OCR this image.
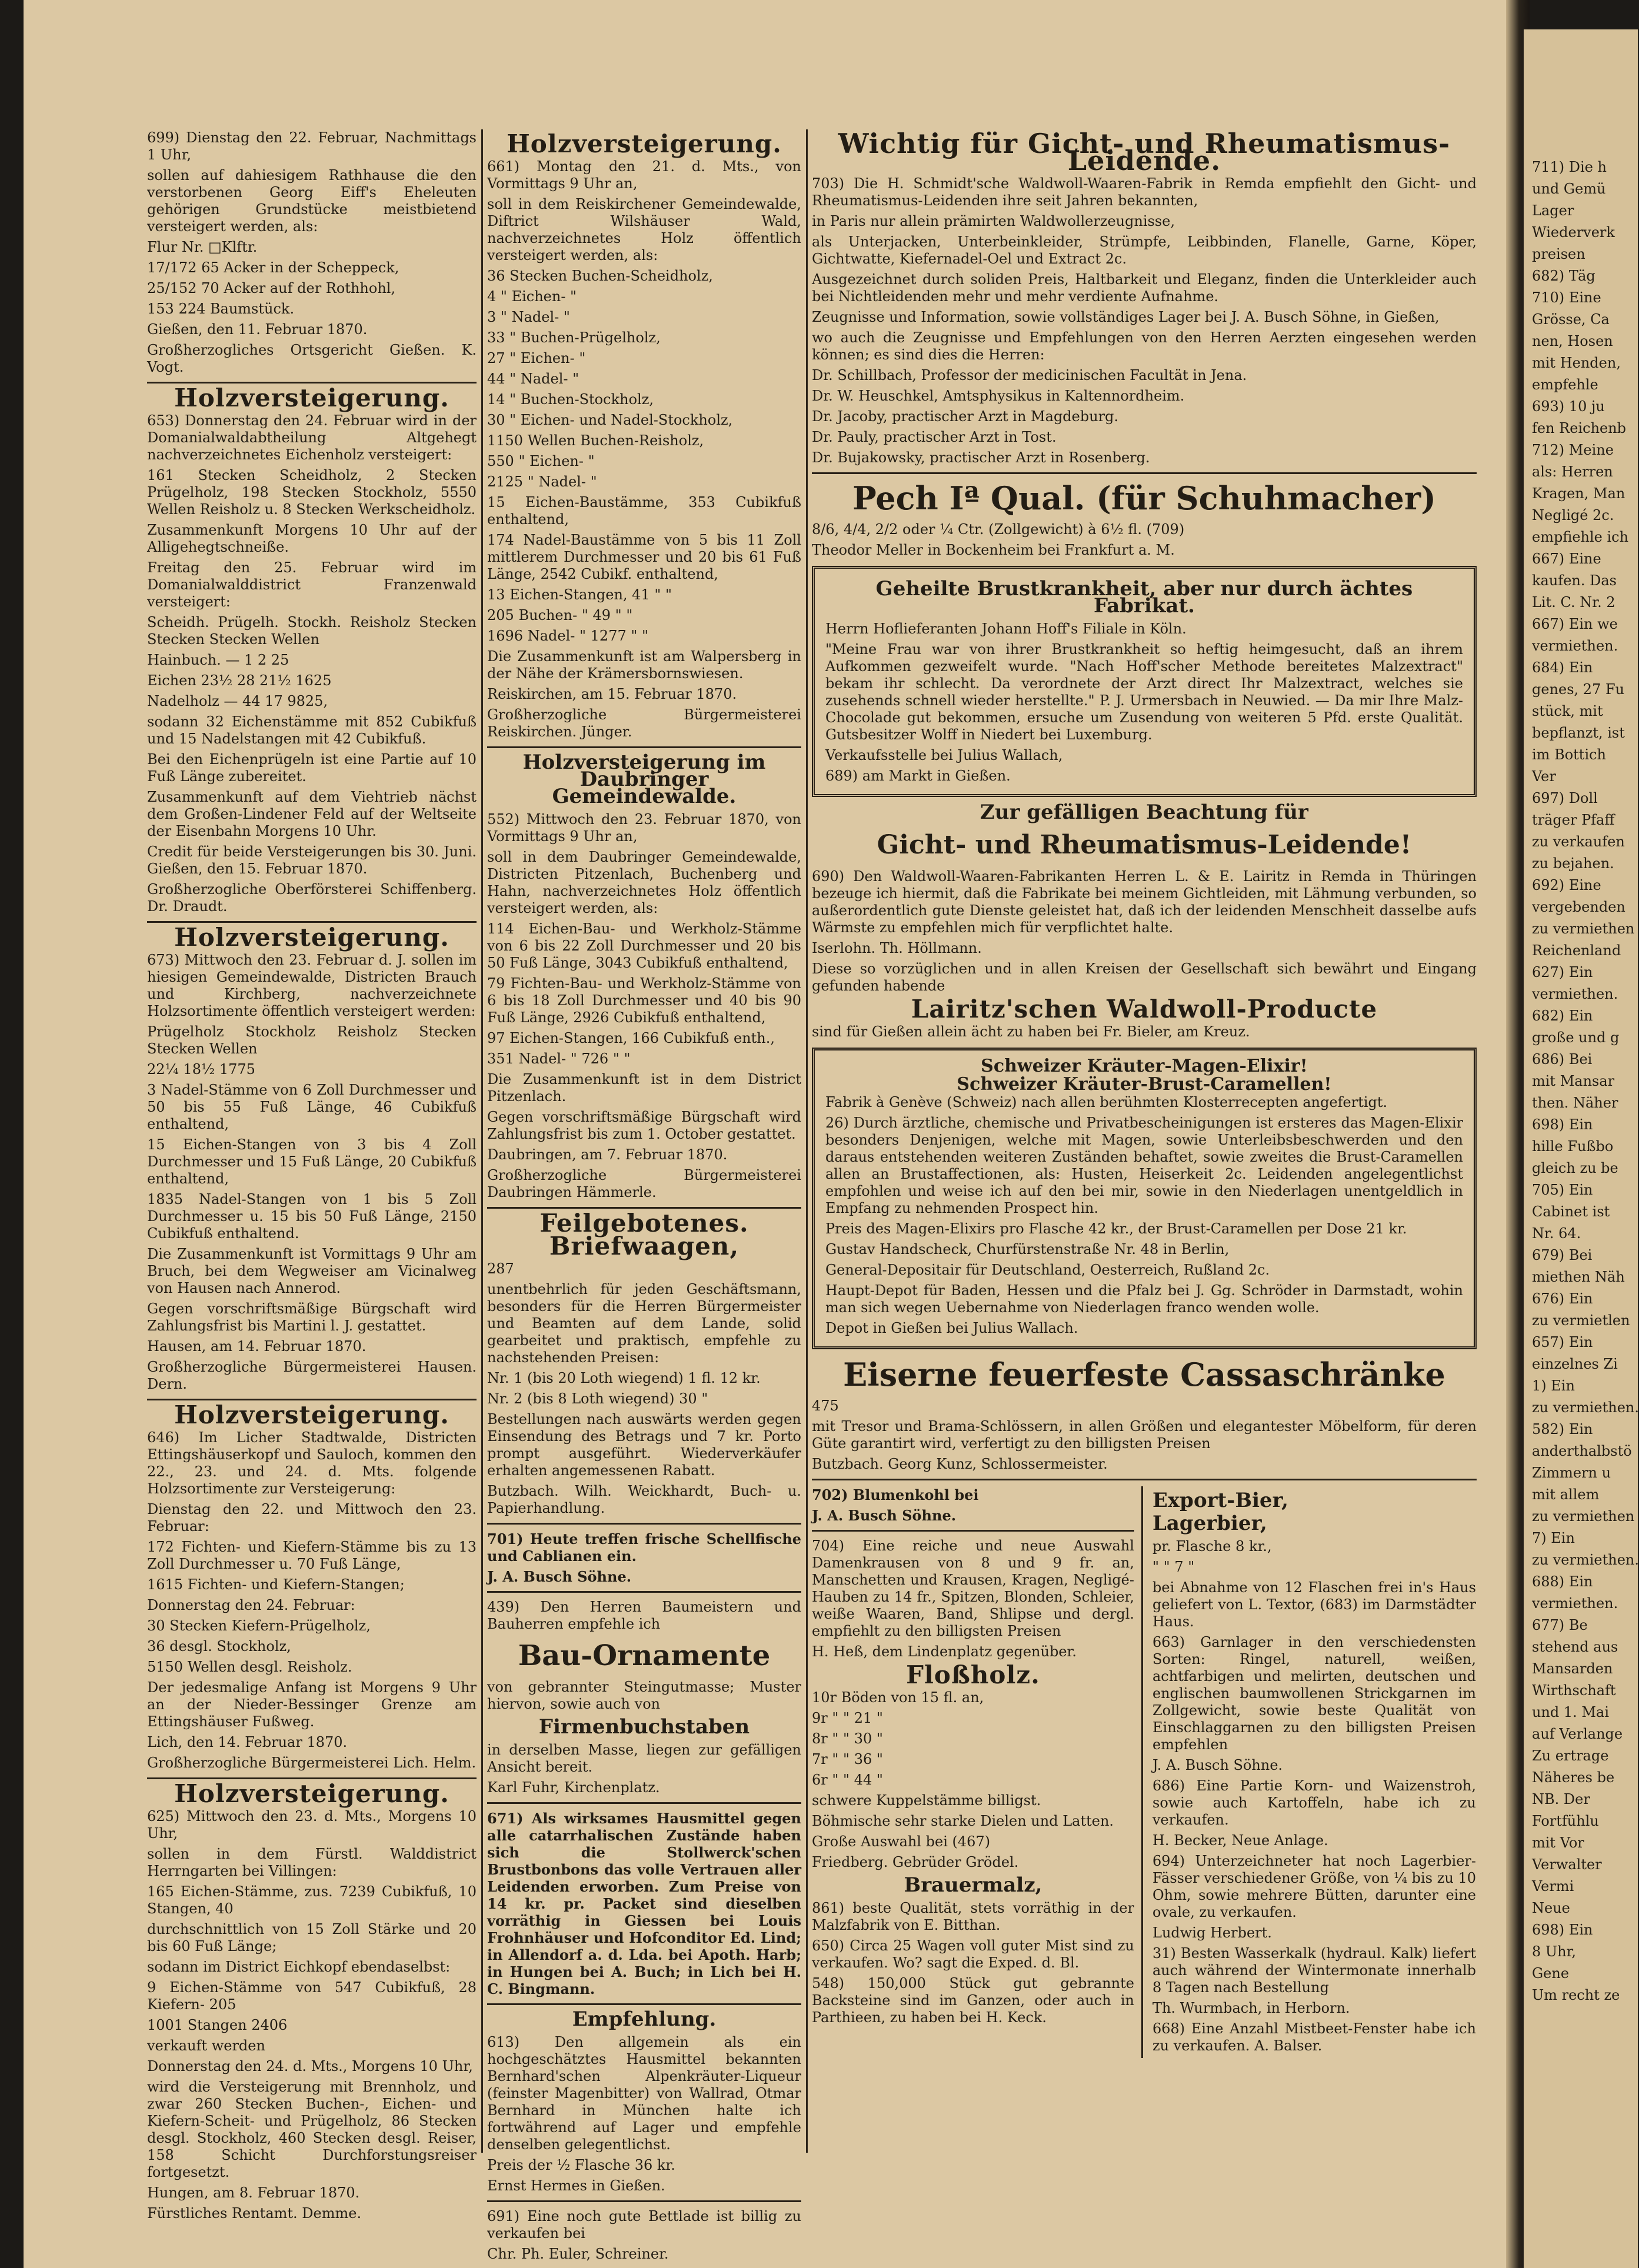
699) Dienstag den 22. Februar, Nachmittags 1 Uhr,

sollen auf dahiesigem Rathhause die den verstorbenen Georg Eiff's Eheleuten gehörigen Grundstücke meistbietend versteigert werden, als:

Flur Nr. □Klftr.

17/172 65 Acker in der Scheppeck,

25/152 70 Acker auf der Rothhohl,

153 224 Baumstück.

Gießen, den 11. Februar 1870.

Großherzogliches Ortsgericht Gießen. K. Vogt.

Holzversteigerung.

653) Donnerstag den 24. Februar wird in der Domanialwaldabtheilung Altgehegt nachverzeichnetes Eichenholz versteigert:

161 Stecken Scheidholz, 2 Stecken Prügelholz, 198 Stecken Stockholz, 5550 Wellen Reisholz u. 8 Stecken Werkscheidholz.

Zusammenkunft Morgens 10 Uhr auf der Alligehegtschneiße.

Freitag den 25. Februar wird im Domanialwalddistrict Franzenwald versteigert:

Scheidh. Prügelh. Stockh. Reisholz Stecken Stecken Stecken Wellen

Hainbuch. — 1 2 25

Eichen 23½ 28 21½ 1625

Nadelholz — 44 17 9825,

sodann 32 Eichenstämme mit 852 Cubikfuß und 15 Nadelstangen mit 42 Cubikfuß.

Bei den Eichenprügeln ist eine Partie auf 10 Fuß Länge zubereitet.

Zusammenkunft auf dem Viehtrieb nächst dem Großen-Lindener Feld auf der Weltseite der Eisenbahn Morgens 10 Uhr.

Credit für beide Versteigerungen bis 30. Juni. Gießen, den 15. Februar 1870.

Großherzogliche Oberförsterei Schiffenberg. Dr. Draudt.

Holzversteigerung.

673) Mittwoch den 23. Februar d. J. sollen im hiesigen Gemeindewalde, Districten Brauch und Kirchberg, nachverzeichnete Holzsortimente öffentlich versteigert werden:

Prügelholz Stockholz Reisholz Stecken Stecken Wellen

22¼ 18½ 1775

3 Nadel-Stämme von 6 Zoll Durchmesser und 50 bis 55 Fuß Länge, 46 Cubikfuß enthaltend,

15 Eichen-Stangen von 3 bis 4 Zoll Durchmesser und 15 Fuß Länge, 20 Cubikfuß enthaltend,

1835 Nadel-Stangen von 1 bis 5 Zoll Durchmesser u. 15 bis 50 Fuß Länge, 2150 Cubikfuß enthaltend.

Die Zusammenkunft ist Vormittags 9 Uhr am Bruch, bei dem Wegweiser am Vicinalweg von Hausen nach Annerod.

Gegen vorschriftsmäßige Bürgschaft wird Zahlungsfrist bis Martini l. J. gestattet.

Hausen, am 14. Februar 1870.

Großherzogliche Bürgermeisterei Hausen. Dern.

Holzversteigerung.

646) Im Licher Stadtwalde, Districten Ettingshäuserkopf und Sauloch, kommen den 22., 23. und 24. d. Mts. folgende Holzsortimente zur Versteigerung:

Dienstag den 22. und Mittwoch den 23. Februar:

172 Fichten- und Kiefern-Stämme bis zu 13 Zoll Durchmesser u. 70 Fuß Länge,

1615 Fichten- und Kiefern-Stangen;

Donnerstag den 24. Februar:

30 Stecken Kiefern-Prügelholz,

36 desgl. Stockholz,

5150 Wellen desgl. Reisholz.

Der jedesmalige Anfang ist Morgens 9 Uhr an der Nieder-Bessinger Grenze am Ettingshäuser Fußweg.

Lich, den 14. Februar 1870.

Großherzogliche Bürgermeisterei Lich. Helm.

Holzversteigerung.

625) Mittwoch den 23. d. Mts., Morgens 10 Uhr,

sollen in dem Fürstl. Walddistrict Herrngarten bei Villingen:

165 Eichen-Stämme, zus. 7239 Cubikfuß, 10 Stangen, 40

durchschnittlich von 15 Zoll Stärke und 20 bis 60 Fuß Länge;

sodann im District Eichkopf ebendaselbst:

9 Eichen-Stämme von 547 Cubikfuß, 28 Kiefern- 205

1001 Stangen 2406

verkauft werden

Donnerstag den 24. d. Mts., Morgens 10 Uhr,

wird die Versteigerung mit Brennholz, und zwar 260 Stecken Buchen-, Eichen- und Kiefern-Scheit- und Prügelholz, 86 Stecken desgl. Stockholz, 460 Stecken desgl. Reiser, 158 Schicht Durchforstungsreiser fortgesetzt.

Hungen, am 8. Februar 1870.

Fürstliches Rentamt. Demme.

Holzversteigerung.

661) Montag den 21. d. Mts., von Vormittags 9 Uhr an,

soll in dem Reiskirchener Gemeindewalde, Diftrict Wilshäuser Wald, nachverzeichnetes Holz öffentlich versteigert werden, als:

36 Stecken Buchen-Scheidholz,

4 " Eichen- "

3 " Nadel- "

33 " Buchen-Prügelholz,

27 " Eichen- "

44 " Nadel- "

14 " Buchen-Stockholz,

30 " Eichen- und Nadel-Stockholz,

1150 Wellen Buchen-Reisholz,

550 " Eichen- "

2125 " Nadel- "

15 Eichen-Baustämme, 353 Cubikfuß enthaltend,

174 Nadel-Baustämme von 5 bis 11 Zoll mittlerem Durchmesser und 20 bis 61 Fuß Länge, 2542 Cubikf. enthaltend,

13 Eichen-Stangen, 41 " "

205 Buchen- " 49 " "

1696 Nadel- " 1277 " "

Die Zusammenkunft ist am Walpersberg in der Nähe der Krämersbornswiesen.

Reiskirchen, am 15. Februar 1870.

Großherzogliche Bürgermeisterei Reiskirchen. Jünger.

Holzversteigerung im Daubringer Gemeindewalde.

552) Mittwoch den 23. Februar 1870, von Vormittags 9 Uhr an,

soll in dem Daubringer Gemeindewalde, Districten Pitzenlach, Buchenberg und Hahn, nachverzeichnetes Holz öffentlich versteigert werden, als:

114 Eichen-Bau- und Werkholz-Stämme von 6 bis 22 Zoll Durchmesser und 20 bis 50 Fuß Länge, 3043 Cubikfuß enthaltend,

79 Fichten-Bau- und Werkholz-Stämme von 6 bis 18 Zoll Durchmesser und 40 bis 90 Fuß Länge, 2926 Cubikfuß enthaltend,

97 Eichen-Stangen, 166 Cubikfuß enth.,

351 Nadel- " 726 " "

Die Zusammenkunft ist in dem District Pitzenlach.

Gegen vorschriftsmäßige Bürgschaft wird Zahlungsfrist bis zum 1. October gestattet.

Daubringen, am 7. Februar 1870.

Großherzogliche Bürgermeisterei Daubringen Hämmerle.

Feilgebotenes.
Briefwaagen,

287

unentbehrlich für jeden Geschäftsmann, besonders für die Herren Bürgermeister und Beamten auf dem Lande, solid gearbeitet und praktisch, empfehle zu nachstehenden Preisen:

Nr. 1 (bis 20 Loth wiegend) 1 fl. 12 kr.

Nr. 2 (bis 8 Loth wiegend) 30 "

Bestellungen nach auswärts werden gegen Einsendung des Betrags und 7 kr. Porto prompt ausgeführt. Wiederverkäufer erhalten angemessenen Rabatt.

Butzbach. Wilh. Weickhardt, Buch- u. Papierhandlung.

701) Heute treffen frische Schellfische und Cablianen ein.

J. A. Busch Söhne.

439) Den Herren Baumeistern und Bauherren empfehle ich

Bau-Ornamente

von gebrannter Steingutmasse; Muster hiervon, sowie auch von

Firmenbuchstaben

in derselben Masse, liegen zur gefälligen Ansicht bereit.

Karl Fuhr, Kirchenplatz.

671) Als wirksames Hausmittel gegen alle catarrhalischen Zustände haben sich die Stollwerck'schen Brustbonbons das volle Vertrauen aller Leidenden erworben. Zum Preise von 14 kr. pr. Packet sind dieselben vorräthig in Giessen bei Louis Frohnhäuser und Hofconditor Ed. Lind; in Allendorf a. d. Lda. bei Apoth. Harb; in Hungen bei A. Buch; in Lich bei H. C. Bingmann.

Empfehlung.

613) Den allgemein als ein hochgeschätztes Hausmittel bekannten Bernhard'schen Alpenkräuter-Liqueur (feinster Magenbitter) von Wallrad, Otmar Bernhard in München halte ich fortwährend auf Lager und empfehle denselben gelegentlichst.

Preis der ½ Flasche 36 kr.

Ernst Hermes in Gießen.

691) Eine noch gute Bettlade ist billig zu verkaufen bei

Chr. Ph. Euler, Schreiner.

Wichtig für Gicht- und Rheumatismus-Leidende.

703) Die H. Schmidt'sche Waldwoll-Waaren-Fabrik in Remda empfiehlt den Gicht- und Rheumatismus-Leidenden ihre seit Jahren bekannten,

in Paris nur allein prämirten Waldwollerzeugnisse,

als Unterjacken, Unterbeinkleider, Strümpfe, Leibbinden, Flanelle, Garne, Köper, Gichtwatte, Kiefernadel-Oel und Extract 2c.

Ausgezeichnet durch soliden Preis, Haltbarkeit und Eleganz, finden die Unterkleider auch bei Nichtleidenden mehr und mehr verdiente Aufnahme.

Zeugnisse und Information, sowie vollständiges Lager bei J. A. Busch Söhne, in Gießen,

wo auch die Zeugnisse und Empfehlungen von den Herren Aerzten eingesehen werden können; es sind dies die Herren:

Dr. Schillbach, Professor der medicinischen Facultät in Jena.

Dr. W. Heuschkel, Amtsphysikus in Kaltennordheim.

Dr. Jacoby, practischer Arzt in Magdeburg.

Dr. Pauly, practischer Arzt in Tost.

Dr. Bujakowsky, practischer Arzt in Rosenberg.

Pech Iª Qual. (für Schuhmacher)

8/6, 4/4, 2/2 oder ¼ Ctr. (Zollgewicht) à 6½ fl. (709)

Theodor Meller in Bockenheim bei Frankfurt a. M.

Geheilte Brustkrankheit, aber nur durch ächtes Fabrikat.

Herrn Hoflieferanten Johann Hoff's Filiale in Köln.

"Meine Frau war von ihrer Brustkrankheit so heftig heimgesucht, daß an ihrem Aufkommen gezweifelt wurde. "Nach Hoff'scher Methode bereitetes Malzextract" bekam ihr schlecht. Da verordnete der Arzt direct Ihr Malzextract, welches sie zusehends schnell wieder herstellte." P. J. Urmersbach in Neuwied. — Da mir Ihre Malz-Chocolade gut bekommen, ersuche um Zusendung von weiteren 5 Pfd. erste Qualität. Gutsbesitzer Wolff in Niedert bei Luxemburg.

Verkaufsstelle bei Julius Wallach,

689) am Markt in Gießen.

Zur gefälligen Beachtung für
Gicht- und Rheumatismus-Leidende!

690) Den Waldwoll-Waaren-Fabrikanten Herren L. & E. Lairitz in Remda in Thüringen bezeuge ich hiermit, daß die Fabrikate bei meinem Gichtleiden, mit Lähmung verbunden, so außerordentlich gute Dienste geleistet hat, daß ich der leidenden Menschheit dasselbe aufs Wärmste zu empfehlen mich für verpflichtet halte.

Iserlohn. Th. Höllmann.

Diese so vorzüglichen und in allen Kreisen der Gesellschaft sich bewährt und Eingang gefunden habende

Lairitz'schen Waldwoll-Producte

sind für Gießen allein ächt zu haben bei Fr. Bieler, am Kreuz.

Schweizer Kräuter-Magen-Elixir!
Schweizer Kräuter-Brust-Caramellen!

Fabrik à Genève (Schweiz) nach allen berühmten Klosterrecepten angefertigt.

26) Durch ärztliche, chemische und Privatbescheinigungen ist ersteres das Magen-Elixir besonders Denjenigen, welche mit Magen, sowie Unterleibsbeschwerden und den daraus entstehenden weiteren Zuständen behaftet, sowie zweites die Brust-Caramellen allen an Brustaffectionen, als: Husten, Heiserkeit 2c. Leidenden angelegentlichst empfohlen und weise ich auf den bei mir, sowie in den Niederlagen unentgeldlich in Empfang zu nehmenden Prospect hin.

Preis des Magen-Elixirs pro Flasche 42 kr., der Brust-Caramellen per Dose 21 kr.

Gustav Handscheck, Churfürstenstraße Nr. 48 in Berlin,

General-Depositair für Deutschland, Oesterreich, Rußland 2c.

Haupt-Depot für Baden, Hessen und die Pfalz bei J. Gg. Schröder in Darmstadt, wohin man sich wegen Uebernahme von Niederlagen franco wenden wolle.

Depot in Gießen bei Julius Wallach.

Eiserne feuerfeste Cassaschränke

475

mit Tresor und Brama-Schlössern, in allen Größen und elegantester Möbelform, für deren Güte garantirt wird, verfertigt zu den billigsten Preisen

Butzbach. Georg Kunz, Schlossermeister.

702) Blumenkohl bei

J. A. Busch Söhne.

704) Eine reiche und neue Auswahl Damenkrausen von 8 und 9 fr. an, Manschetten und Krausen, Kragen, Negligé-Hauben zu 14 fr., Spitzen, Blonden, Schleier, weiße Waaren, Band, Shlipse und dergl. empfiehlt zu den billigsten Preisen

H. Heß, dem Lindenplatz gegenüber.

Floßholz.

10r Böden von 15 fl. an,

9r " " 21 "

8r " " 30 "

7r " " 36 "

6r " " 44 "

schwere Kuppelstämme billigst.

Böhmische sehr starke Dielen und Latten.

Große Auswahl bei (467)

Friedberg. Gebrüder Grödel.

Brauermalz,

861) beste Qualität, stets vorräthig in der Malzfabrik von E. Bitthan.

650) Circa 25 Wagen voll guter Mist sind zu verkaufen. Wo? sagt die Exped. d. Bl.

548) 150,000 Stück gut gebrannte Backsteine sind im Ganzen, oder auch in Parthieen, zu haben bei H. Keck.

Export-Bier,
Lagerbier,

pr. Flasche 8 kr.,

" " 7 "

bei Abnahme von 12 Flaschen frei in's Haus geliefert von L. Textor, (683) im Darmstädter Haus.

663) Garnlager in den verschiedensten Sorten: Ringel, naturell, weißen, achtfarbigen und melirten, deutschen und englischen baumwollenen Strickgarnen im Zollgewicht, sowie beste Qualität von Einschlaggarnen zu den billigsten Preisen empfehlen

J. A. Busch Söhne.

686) Eine Partie Korn- und Waizenstroh, sowie auch Kartoffeln, habe ich zu verkaufen.

H. Becker, Neue Anlage.

694) Unterzeichneter hat noch Lagerbier-Fässer verschiedener Größe, von ¼ bis zu 10 Ohm, sowie mehrere Bütten, darunter eine ovale, zu verkaufen.

Ludwig Herbert.

31) Besten Wasserkalk (hydraul. Kalk) liefert auch während der Wintermonate innerhalb 8 Tagen nach Bestellung

Th. Wurmbach, in Herborn.

668) Eine Anzahl Mistbeet-Fenster habe ich zu verkaufen. A. Balser.

711) Die h

und Gemü

Lager

Wiederverk

preisen

682) Täg

710) Eine

Grösse, Ca

nen, Hosen

mit Henden,

empfehle

693) 10 ju

fen Reichenb

712) Meine

als: Herren

Kragen, Man

Negligé 2c.

empfiehle ich

667) Eine

kaufen. Das

Lit. C. Nr. 2

667) Ein we

vermiethen.

684) Ein

genes, 27 Fu

stück, mit

bepflanzt, ist

im Bottich

Ver

697) Doll

träger Pfaff

zu verkaufen

zu bejahen.

692) Eine

vergebenden

zu vermiethen

Reichenland

627) Ein

vermiethen.

682) Ein

große und g

686) Bei

mit Mansar

then. Näher

698) Ein

hille Fußbo

gleich zu be

705) Ein

Cabinet ist

Nr. 64.

679) Bei

miethen Näh

676) Ein

zu vermietlen

657) Ein

einzelnes Zi

1) Ein

zu vermiethen.

582) Ein

anderthalbstö

Zimmern u

mit allem

zu vermiethen

7) Ein

zu vermiethen.

688) Ein

vermiethen.

677) Be

stehend aus

Mansarden

Wirthschaft

und 1. Mai

auf Verlange

Zu ertrage

Näheres be

NB. Der

Fortfühlu

mit Vor

Verwalter

Vermi

Neue

698) Ein

8 Uhr,

Gene

Um recht ze
